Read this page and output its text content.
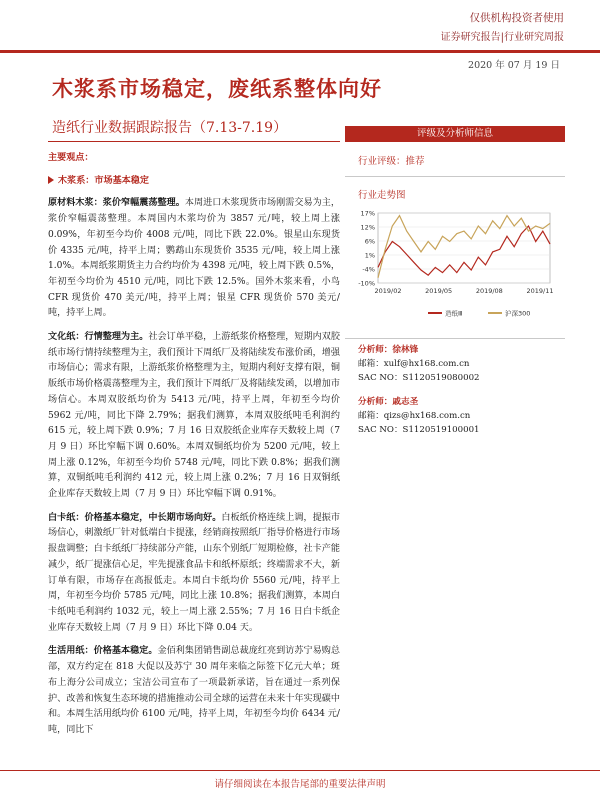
仅供机构投资者使用
证券研究报告|行业研究周报
2020 年 07 月 19 日
木浆系市场稳定，废纸系整体向好
造纸行业数据跟踪报告（7.13-7.19）

主要观点：

木浆系：市场基本稳定

原材料木浆：浆价窄幅震荡整理。本周进口木浆现货市场刚需交易为主，浆价窄幅震荡整理。本周国内木浆均价为 3857 元/吨，较上周上涨 0.09%，年初至今均价 4008 元/吨，同比下跌 22.0%。银星山东现货价 4335 元/吨，持平上周；鹦鹉山东现货价 3535 元/吨，较上周上涨 1.0%。本周纸浆期货主力合约均价为 4398 元/吨，较上周下跌 0.5%，年初至今均价为 4510 元/吨，同比下跌 12.5%。国外木浆来看，小鸟 CFR 现货价 470 美元/吨，持平上周；银星 CFR 现货价 570 美元/吨，持平上周。

文化纸：行情整理为主。社会订单平稳，上游纸浆价格整理，短期内双胶纸市场行情持续整理为主，我们预计下周纸厂及将陆续发布涨价函，增强市场信心；需求有限，上游纸浆价格整理为主，短期内利好支撑有限，铜版纸市场价格震荡整理为主，我们预计下周纸厂及将陆续发函，以增加市场信心。本周双胶纸均价为 5413 元/吨，持平上周，年初至今均价 5962 元/吨，同比下降 2.79%；据我们测算，本周双胶纸吨毛利润约 615 元，较上周下跌 0.9%；7 月 16 日双胶纸企业库存天数较上周（7 月 9 日）环比窄幅下调 0.60%。本周双铜纸均价为 5200 元/吨，较上周上涨 0.12%，年初至今均价 5748 元/吨，同比下跌 0.8%；据我们测算，双铜纸吨毛利润约 412 元，较上周上涨 0.2%；7 月 16 日双铜纸企业库存天数较上周（7 月 9 日）环比窄幅下调 0.91%。

白卡纸：价格基本稳定，中长期市场向好。白板纸价格连续上调，提振市场信心，刺激纸厂针对低端白卡提涨，经销商按照纸厂指导价格进行市场报盘调整；白卡纸纸厂持续部分产能，山东个别纸厂短期检修，社卡产能减少，纸厂提涨信心足，牢先提涨食品卡和纸杯原纸；终端需求不大，新订单有限，市场存在高报低走。本周白卡纸均价 5560 元/吨，持平上周，年初至今均价 5785 元/吨，同比上涨 10.8%；据我们测算，本周白卡纸吨毛利润约 1032 元，较上一周上涨 2.55%；7 月 16 日白卡纸企业库存天数较上周（7 月 9 日）环比下降 0.04 天。

生活用纸：价格基本稳定。金佰利集团销售副总裁庞红亮到访苏宁易购总部，双方约定在 818 大促以及苏宁 30 周年来临之际签下亿元大单；斑布上海分公司成立；宝洁公司宣布了一项最新承诺，旨在通过一系列保护、改善和恢复生态环境的措施推动公司全球的运营在未来十年实现碳中和。本周生活用纸均价 6100 元/吨，持平上周，年初至今均价 6434 元/吨，同比下

评级及分析师信息
行业评级：推荐
行业走势图
17%
12%
6%
1%
-4%
-10%
2019/02	2019/05	2019/08	2019/11
造纸Ⅲ	沪深300
分析师：徐林锋
邮箱：xulf@hx168.com.cn
SAC NO：S1120519080002
分析师：戚志圣
邮箱：qizs@hx168.com.cn
SAC NO：S1120519100001
请仔细阅读在本报告尾部的重要法律声明
